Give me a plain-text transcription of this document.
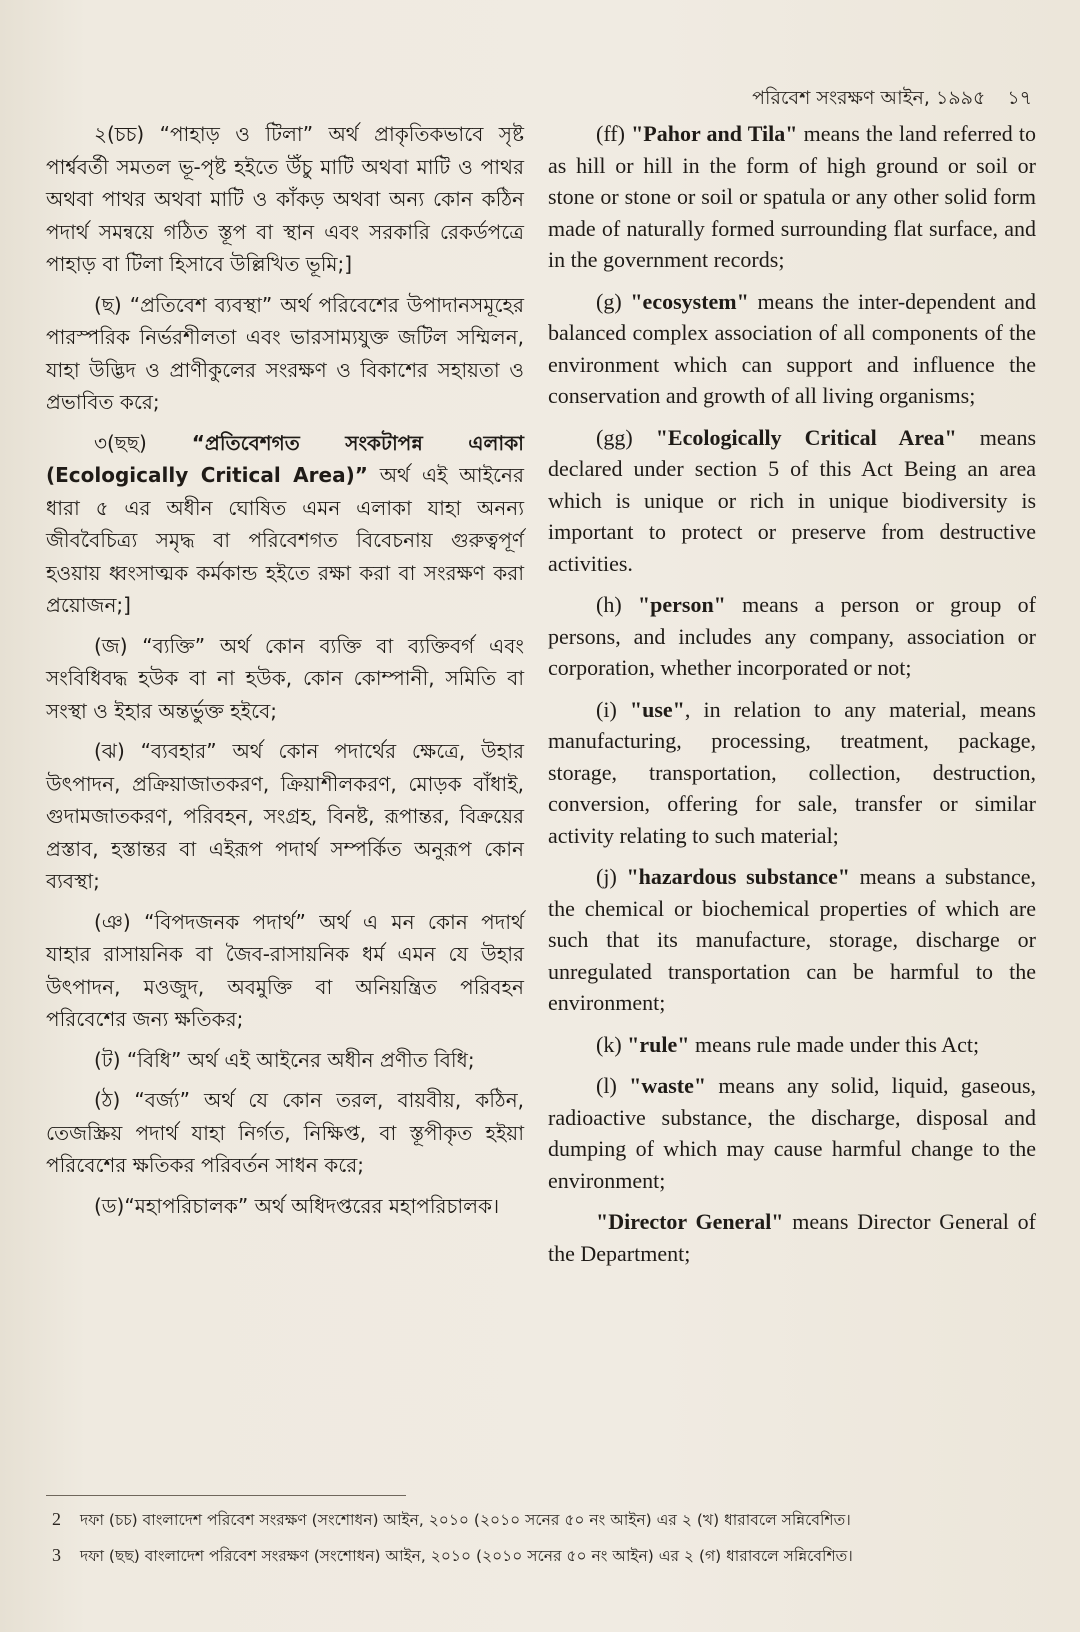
পরিবেশ সংরক্ষণ আইন, ১৯৯৫ ১৭

২(চচ) “পাহাড় ও টিলা” অর্থ প্রাকৃতিকভাবে সৃষ্ট পার্শ্ববর্তী সমতল ভূ-পৃষ্ট হইতে উঁচু মাটি অথবা মাটি ও পাথর অথবা পাথর অথবা মাটি ও কাঁকড় অথবা অন্য কোন কঠিন পদার্থ সমন্বয়ে গঠিত স্তূপ বা স্থান এবং সরকারি রেকর্ডপত্রে পাহাড় বা টিলা হিসাবে উল্লিখিত ভূমি;]

(ছ) “প্রতিবেশ ব্যবস্থা” অর্থ পরিবেশের উপাদানসমূহের পারস্পরিক নির্ভরশীলতা এবং ভারসাম্যযুক্ত জটিল সম্মিলন, যাহা উদ্ভিদ ও প্রাণীকুলের সংরক্ষণ ও বিকাশের সহায়তা ও প্রভাবিত করে;

৩(ছছ) “প্রতিবেশগত সংকটাপন্ন এলাকা (Ecologically Critical Area)” অর্থ এই আইনের ধারা ৫ এর অধীন ঘোষিত এমন এলাকা যাহা অনন্য জীববৈচিত্র্য সমৃদ্ধ বা পরিবেশগত বিবেচনায় গুরুত্বপূর্ণ হওয়ায় ধ্বংসাত্মক কর্মকান্ড হইতে রক্ষা করা বা সংরক্ষণ করা প্রয়োজন;]

(জ) “ব্যক্তি” অর্থ কোন ব্যক্তি বা ব্যক্তিবর্গ এবং সংবিধিবদ্ধ হউক বা না হউক, কোন কোম্পানী, সমিতি বা সংস্থা ও ইহার অন্তর্ভুক্ত হইবে;

(ঝ) “ব্যবহার” অর্থ কোন পদার্থের ক্ষেত্রে, উহার উৎপাদন, প্রক্রিয়াজাতকরণ, ক্রিয়াশীলকরণ, মোড়ক বাঁধাই, গুদামজাতকরণ, পরিবহন, সংগ্রহ, বিনষ্ট, রূপান্তর, বিক্রয়ের প্রস্তাব, হস্তান্তর বা এইরূপ পদার্থ সম্পর্কিত অনুরূপ কোন ব্যবস্থা;

(ঞ) “বিপদজনক পদার্থ” অর্থ এ মন কোন পদার্থ যাহার রাসায়নিক বা জৈব-রাসায়নিক ধর্ম এমন যে উহার উৎপাদন, মওজুদ, অবমুক্তি বা অনিয়ন্ত্রিত পরিবহন পরিবেশের জন্য ক্ষতিকর;

(ট) “বিধি” অর্থ এই আইনের অধীন প্রণীত বিধি;

(ঠ) “বর্জ্য” অর্থ যে কোন তরল, বায়বীয়, কঠিন, তেজস্ক্রিয় পদার্থ যাহা নির্গত, নিক্ষিপ্ত, বা স্তূপীকৃত হইয়া পরিবেশের ক্ষতিকর পরিবর্তন সাধন করে;

(ড)“মহাপরিচালক” অর্থ অধিদপ্তরের মহাপরিচালক।

(ff) "Pahor and Tila" means the land referred to as hill or hill in the form of high ground or soil or stone or stone or soil or spatula or any other solid form made of naturally formed surrounding flat surface, and in the government records;

(g) "ecosystem" means the inter-dependent and balanced complex association of all components of the environment which can support and influence the conservation and growth of all living organisms;

(gg) "Ecologically Critical Area" means declared under section 5 of this Act Being an area which is unique or rich in unique biodiversity is important to protect or preserve from destructive activities.

(h) "person" means a person or group of persons, and includes any company, association or corporation, whether incorporated or not;

(i) "use", in relation to any material, means manufacturing, processing, treatment, package, storage, transportation, collection, destruction, conversion, offering for sale, transfer or similar activity relating to such material;

(j) "hazardous substance" means a substance, the chemical or biochemical properties of which are such that its manufacture, storage, discharge or unregulated transportation can be harmful to the environment;

(k) "rule" means rule made under this Act;

(l) "waste" means any solid, liquid, gaseous, radioactive substance, the discharge, disposal and dumping of which may cause harmful change to the environment;

"Director General" means Director General of the Department;

2 দফা (চচ) বাংলাদেশ পরিবেশ সংরক্ষণ (সংশোধন) আইন, ২০১০ (২০১০ সনের ৫০ নং আইন) এর ২ (খ) ধারাবলে সন্নিবেশিত।
3 দফা (ছছ) বাংলাদেশ পরিবেশ সংরক্ষণ (সংশোধন) আইন, ২০১০ (২০১০ সনের ৫০ নং আইন) এর ২ (গ) ধারাবলে সন্নিবেশিত।
